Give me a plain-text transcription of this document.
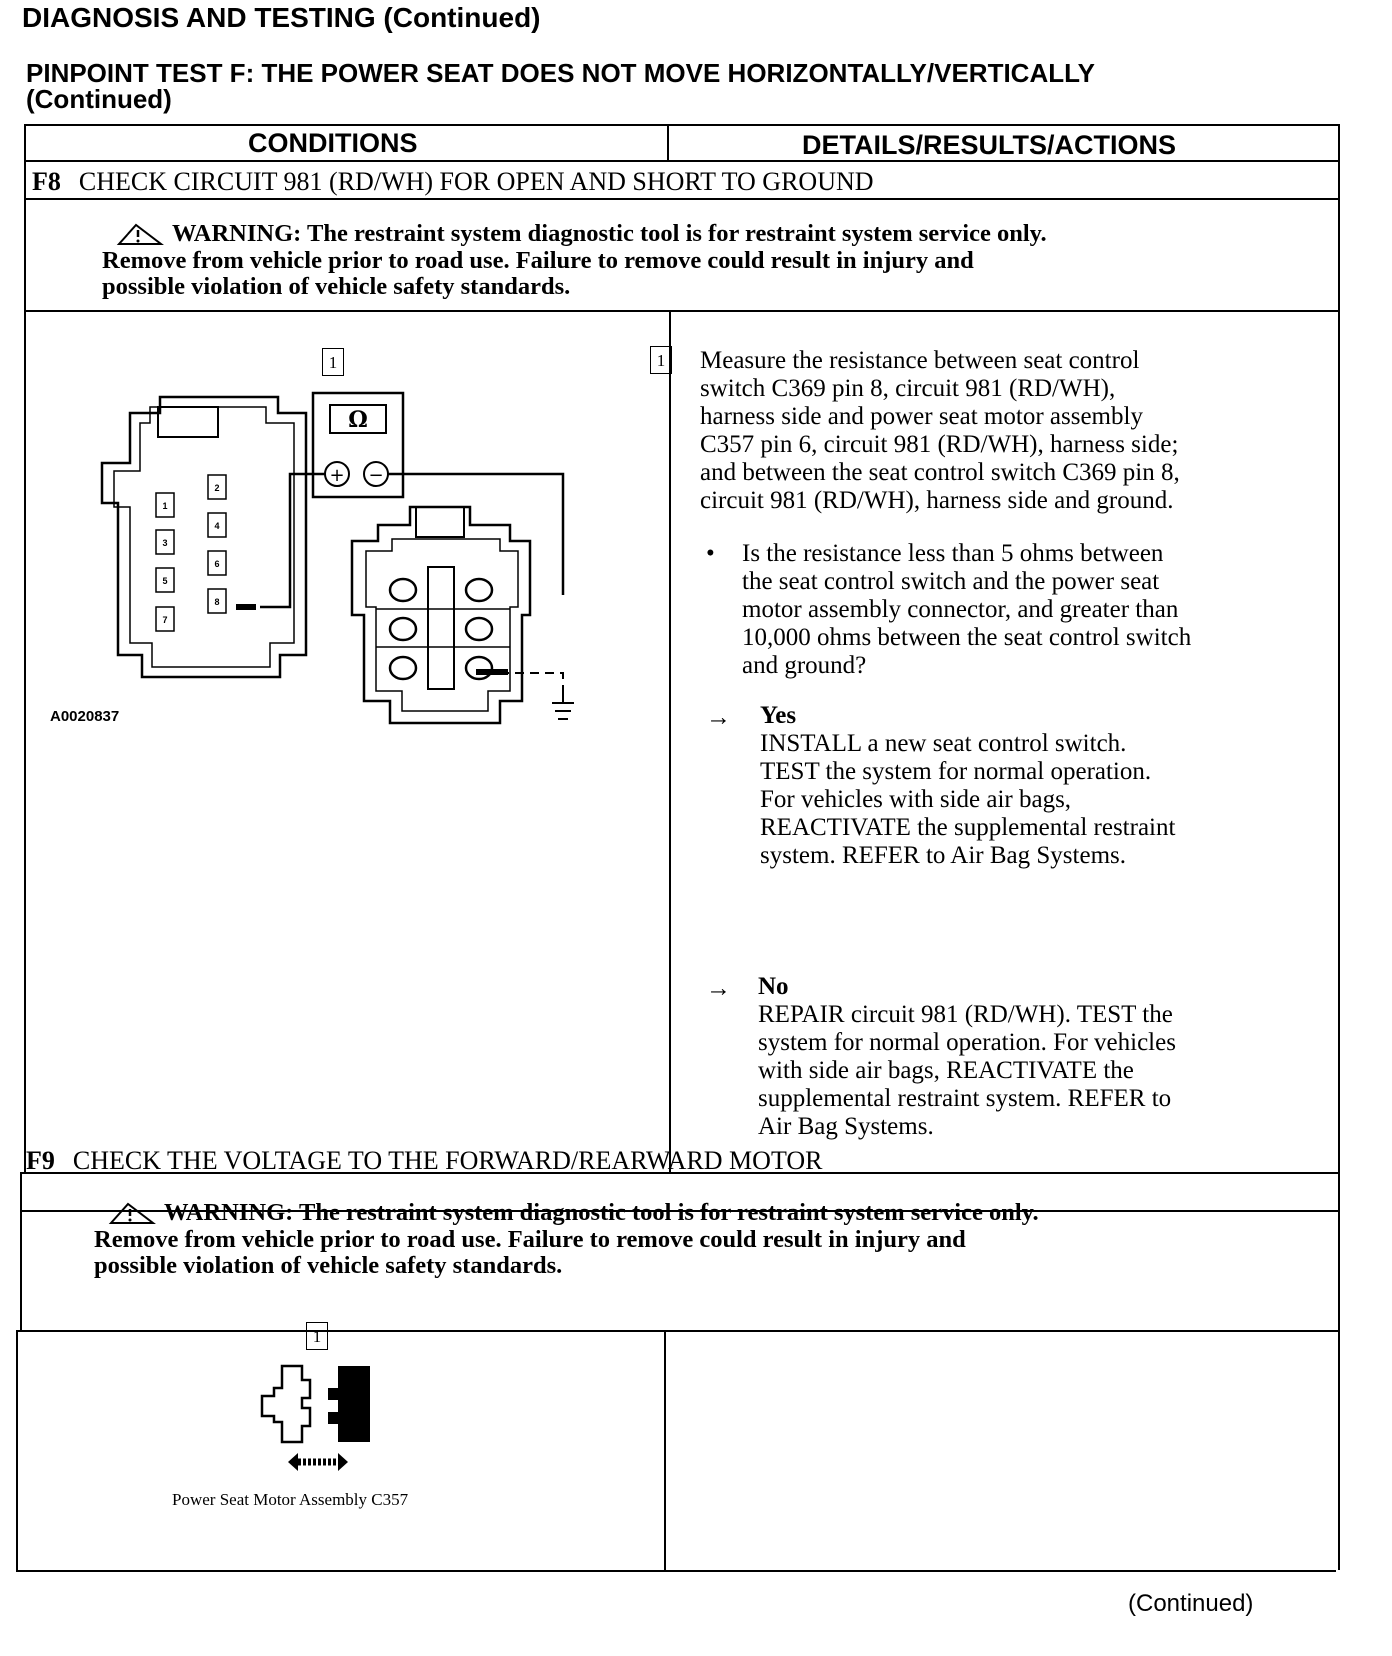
DIAGNOSIS AND TESTING (Continued)
PINPOINT TEST F: THE POWER SEAT DOES NOT MOVE HORIZONTALLY/VERTICALLY
(Continued)
CONDITIONS	DETAILS/RESULTS/ACTIONS
F8 CHECK CIRCUIT 981 (RD/WH) FOR OPEN AND SHORT TO GROUND
WARNING: The restraint system diagnostic tool is for restraint system service only.
Remove from vehicle prior to road use. Failure to remove could result in injury and
possible violation of vehicle safety standards.
1
1
2
3
4
5
6
7
8
Ω
+ −
A0020837
1 Measure the resistance between seat control
switch C369 pin 8, circuit 981 (RD/WH),
harness side and power seat motor assembly
C357 pin 6, circuit 981 (RD/WH), harness side;
and between the seat control switch C369 pin 8,
circuit 981 (RD/WH), harness side and ground.
• Is the resistance less than 5 ohms between
the seat control switch and the power seat
motor assembly connector, and greater than
10,000 ohms between the seat control switch
and ground?
→ Yes
INSTALL a new seat control switch.
TEST the system for normal operation.
For vehicles with side air bags,
REACTIVATE the supplemental restraint
system. REFER to Air Bag Systems.
→ No
REPAIR circuit 981 (RD/WH). TEST the
system for normal operation. For vehicles
with side air bags, REACTIVATE the
supplemental restraint system. REFER to
Air Bag Systems.
F9 CHECK THE VOLTAGE TO THE FORWARD/REARWARD MOTOR
WARNING: The restraint system diagnostic tool is for restraint system service only.
Remove from vehicle prior to road use. Failure to remove could result in injury and
possible violation of vehicle safety standards.
1
Power Seat Motor Assembly C357
(Continued)
